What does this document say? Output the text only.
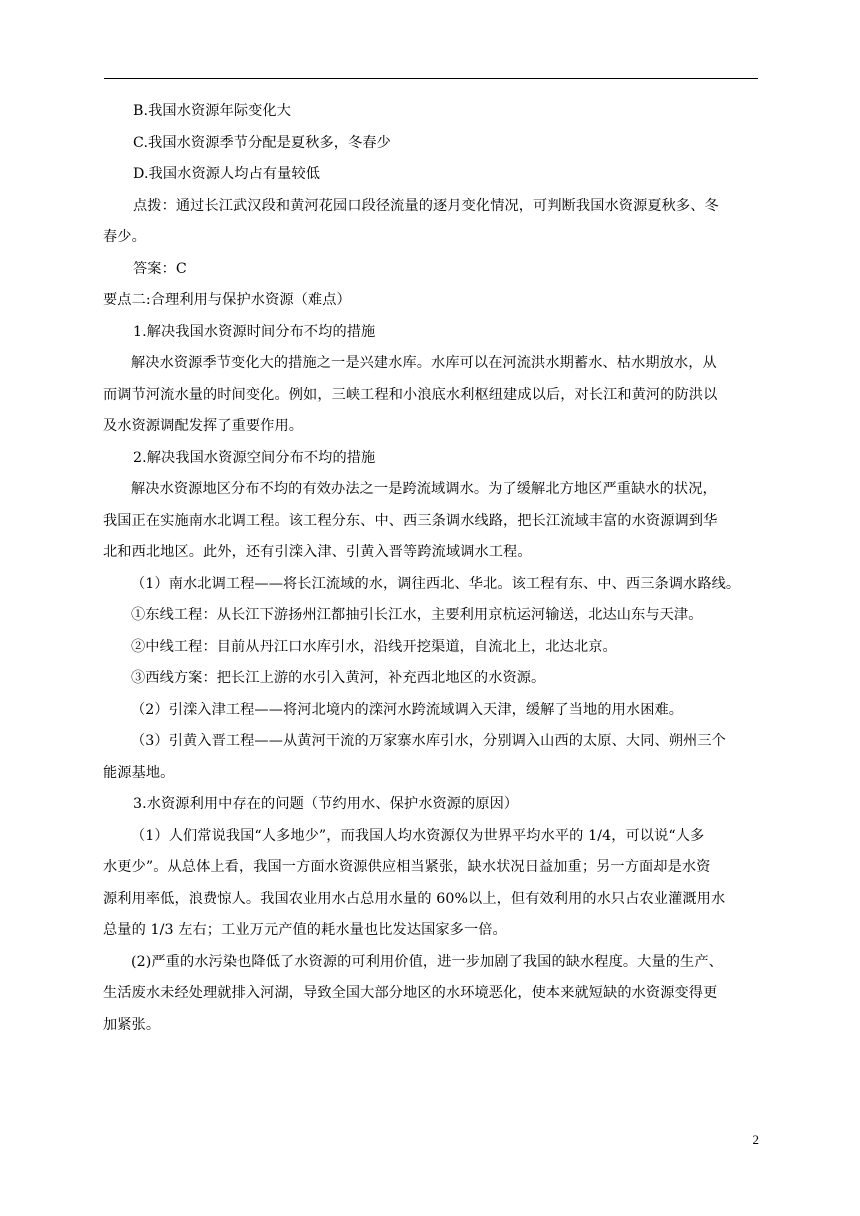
B.我国水资源年际变化大
C.我国水资源季节分配是夏秋多，冬春少
D.我国水资源人均占有量较低
点拨：通过长江武汉段和黄河花园口段径流量的逐月变化情况，可判断我国水资源夏秋多、冬
春少。
答案：C
要点二:合理利用与保护水资源（难点）
1.解决我国水资源时间分布不均的措施
解决水资源季节变化大的措施之一是兴建水库。水库可以在河流洪水期蓄水、枯水期放水，从
而调节河流水量的时间变化。例如，三峡工程和小浪底水利枢纽建成以后，对长江和黄河的防洪以
及水资源调配发挥了重要作用。
2.解决我国水资源空间分布不均的措施
解决水资源地区分布不均的有效办法之一是跨流域调水。为了缓解北方地区严重缺水的状况，
我国正在实施南水北调工程。该工程分东、中、西三条调水线路，把长江流域丰富的水资源调到华
北和西北地区。此外，还有引滦入津、引黄入晋等跨流域调水工程。
（1）南水北调工程——将长江流域的水，调往西北、华北。该工程有东、中、西三条调水路线。
①东线工程：从长江下游扬州江都抽引长江水，主要利用京杭运河输送，北达山东与天津。
②中线工程：目前从丹江口水库引水，沿线开挖渠道，自流北上，北达北京。
③西线方案：把长江上游的水引入黄河，补充西北地区的水资源。
（2）引滦入津工程——将河北境内的滦河水跨流域调入天津，缓解了当地的用水困难。
（3）引黄入晋工程——从黄河干流的万家寨水库引水，分别调入山西的太原、大同、朔州三个
能源基地。
3.水资源利用中存在的问题（节约用水、保护水资源的原因）
（1）人们常说我国“人多地少”，而我国人均水资源仅为世界平均水平的 1/4，可以说“人多
水更少”。从总体上看，我国一方面水资源供应相当紧张，缺水状况日益加重；另一方面却是水资
源利用率低，浪费惊人。我国农业用水占总用水量的 60%以上，但有效利用的水只占农业灌溉用水
总量的 1/3 左右；工业万元产值的耗水量也比发达国家多一倍。
(2)严重的水污染也降低了水资源的可利用价值，进一步加剧了我国的缺水程度。大量的生产、
生活废水未经处理就排入河湖，导致全国大部分地区的水环境恶化，使本来就短缺的水资源变得更
加紧张。
2
